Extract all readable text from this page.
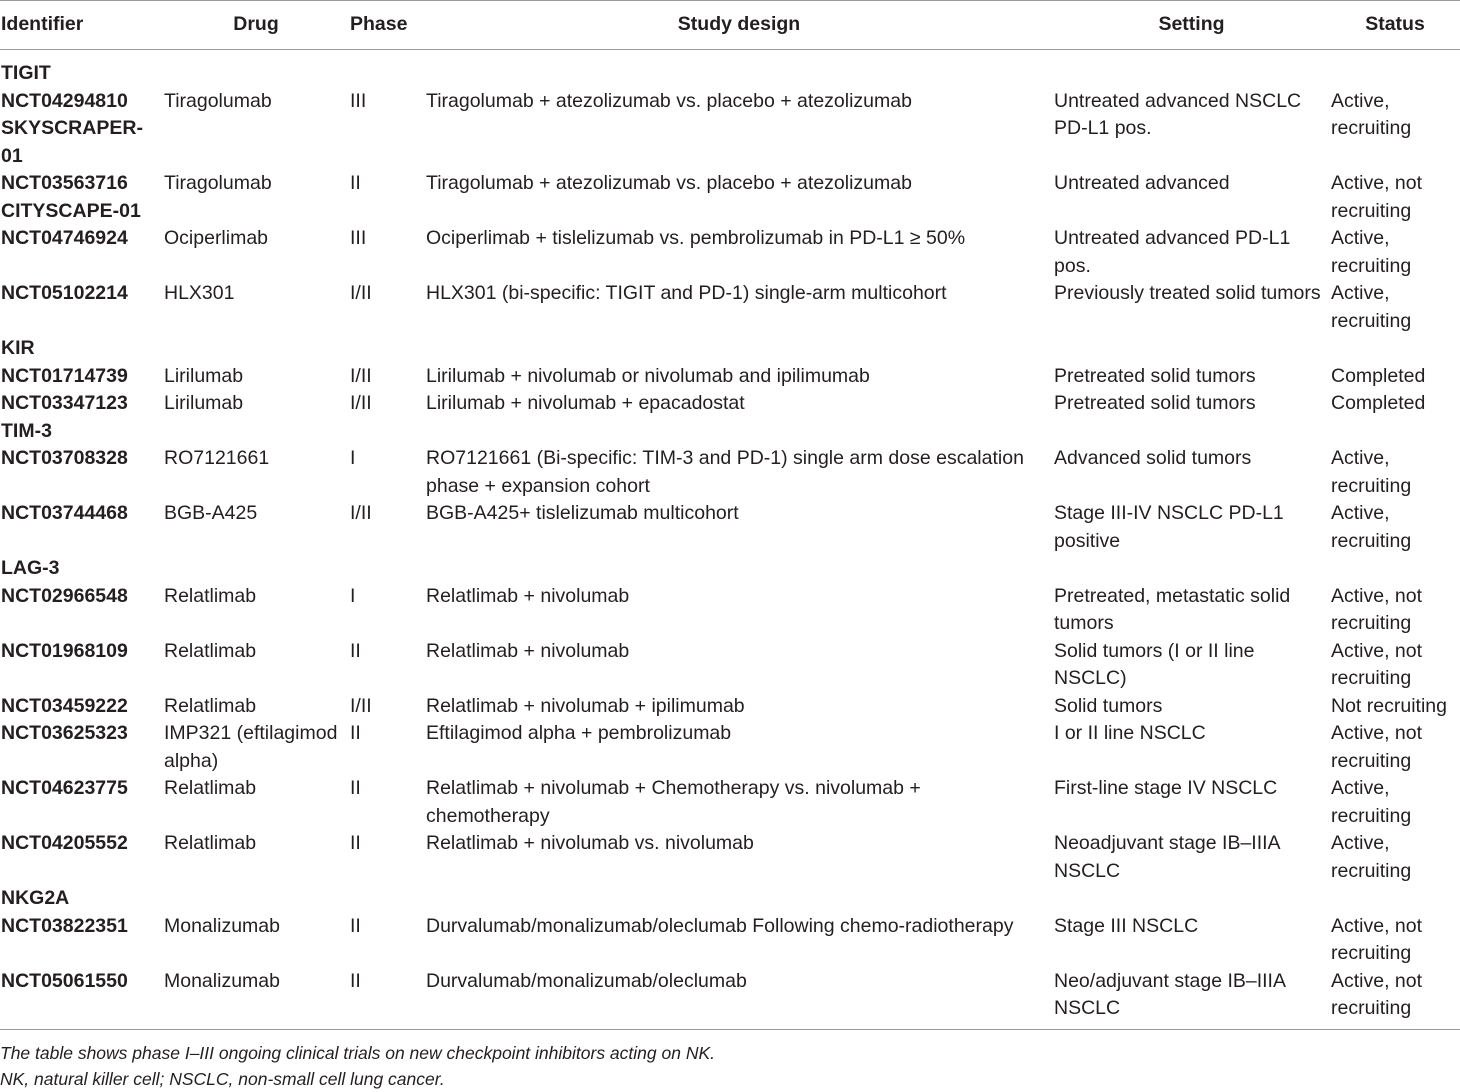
Identifier	Drug	Phase	Study design	Setting	Status
TIGIT					

NCT04294810
SKYSCRAPER-
01	Tiragolumab	III	Tiragolumab + atezolizumab vs. placebo + atezolizumab	Untreated advanced NSCLC PD-L1 pos.	Active, recruiting

NCT03563716
CITYSCAPE-01	Tiragolumab	II	Tiragolumab + atezolizumab vs. placebo + atezolizumab	Untreated advanced	Active, not recruiting

NCT04746924	Ociperlimab	III	Ociperlimab + tislelizumab vs. pembrolizumab in PD-L1 ≥ 50%	Untreated advanced PD-L1 pos.	Active, recruiting

NCT05102214	HLX301	I/II	HLX301 (bi-specific: TIGIT and PD-1) single-arm multicohort	Previously treated solid tumors	Active, recruiting
KIR					

NCT01714739	Lirilumab	I/II	Lirilumab + nivolumab or nivolumab and ipilimumab	Pretreated solid tumors	Completed

NCT03347123	Lirilumab	I/II	Lirilumab + nivolumab + epacadostat	Pretreated solid tumors	Completed
TIM-3					

NCT03708328	RO7121661	I	RO7121661 (Bi-specific: TIM-3 and PD-1) single arm dose escalation phase + expansion cohort	Advanced solid tumors	Active, recruiting

NCT03744468	BGB-A425	I/II	BGB-A425+ tislelizumab multicohort	Stage III-IV NSCLC PD-L1 positive	Active, recruiting
LAG-3					

NCT02966548	Relatlimab	I	Relatlimab + nivolumab	Pretreated, metastatic solid tumors	Active, not recruiting

NCT01968109	Relatlimab	II	Relatlimab + nivolumab	Solid tumors (I or II line NSCLC)	Active, not recruiting

NCT03459222	Relatlimab	I/II	Relatlimab + nivolumab + ipilimumab	Solid tumors	Not recruiting

NCT03625323	IMP321 (eftilagimod alpha)	II	Eftilagimod alpha + pembrolizumab	I or II line NSCLC	Active, not recruiting

NCT04623775	Relatlimab	II	Relatlimab + nivolumab + Chemotherapy vs. nivolumab + chemotherapy	First-line stage IV NSCLC	Active, recruiting

NCT04205552	Relatlimab	II	Relatlimab + nivolumab vs. nivolumab	Neoadjuvant stage IB–IIIA NSCLC	Active, recruiting
NKG2A					

NCT03822351	Monalizumab	II	Durvalumab/monalizumab/oleclumab Following chemo-radiotherapy	Stage III NSCLC	Active, not recruiting

NCT05061550	Monalizumab	II	Durvalumab/monalizumab/oleclumab	Neo/adjuvant stage IB–IIIA NSCLC	Active, not recruiting
The table shows phase I–III ongoing clinical trials on new checkpoint inhibitors acting on NK.
NK, natural killer cell; NSCLC, non-small cell lung cancer.
